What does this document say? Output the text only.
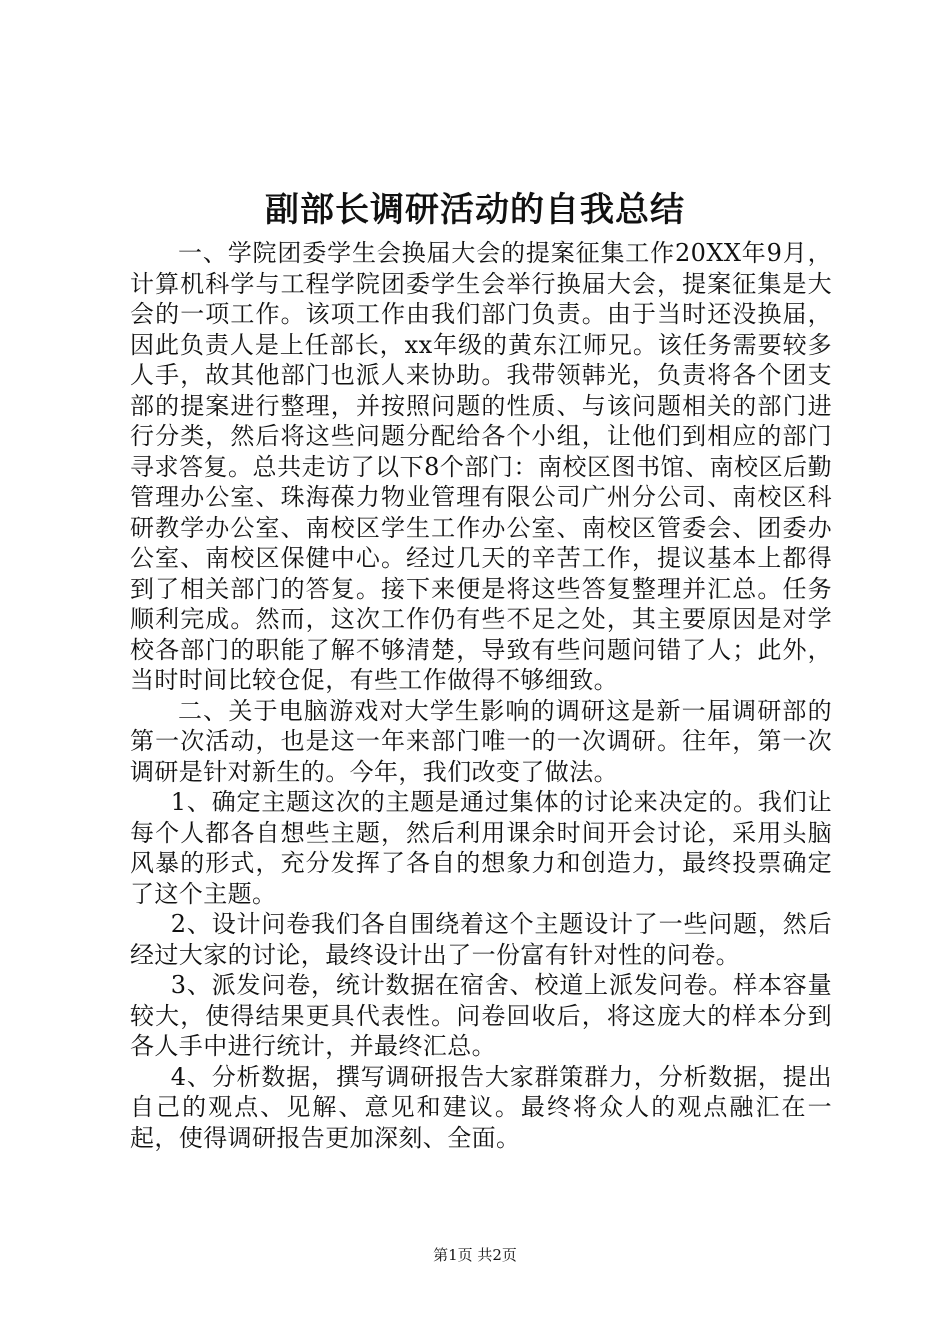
副部长调研活动的自我总结

一、学院团委学生会换届大会的提案征集工作20XX年9月，计算机科学与工程学院团委学生会举行换届大会，提案征集是大会的一项工作。该项工作由我们部门负责。由于当时还没换届，因此负责人是上任部长，xx年级的黄东江师兄。该任务需要较多人手，故其他部门也派人来协助。我带领韩光，负责将各个团支部的提案进行整理，并按照问题的性质、与该问题相关的部门进行分类，然后将这些问题分配给各个小组，让他们到相应的部门寻求答复。总共走访了以下8个部门：南校区图书馆、南校区后勤管理办公室、珠海葆力物业管理有限公司广州分公司、南校区科研教学办公室、南校区学生工作办公室、南校区管委会、团委办公室、南校区保健中心。经过几天的辛苦工作，提议基本上都得到了相关部门的答复。接下来便是将这些答复整理并汇总。任务顺利完成。然而，这次工作仍有些不足之处，其主要原因是对学校各部门的职能了解不够清楚，导致有些问题问错了人；此外，当时时间比较仓促，有些工作做得不够细致。

二、关于电脑游戏对大学生影响的调研这是新一届调研部的第一次活动，也是这一年来部门唯一的一次调研。往年，第一次调研是针对新生的。今年，我们改变了做法。

1、确定主题这次的主题是通过集体的讨论来决定的。我们让每个人都各自想些主题，然后利用课余时间开会讨论，采用头脑风暴的形式，充分发挥了各自的想象力和创造力，最终投票确定了这个主题。

2、设计问卷我们各自围绕着这个主题设计了一些问题，然后经过大家的讨论，最终设计出了一份富有针对性的问卷。

3、派发问卷，统计数据在宿舍、校道上派发问卷。样本容量较大，使得结果更具代表性。问卷回收后，将这庞大的样本分到各人手中进行统计，并最终汇总。

4、分析数据，撰写调研报告大家群策群力，分析数据，提出自己的观点、见解、意见和建议。最终将众人的观点融汇在一起，使得调研报告更加深刻、全面。

第1页 共2页
